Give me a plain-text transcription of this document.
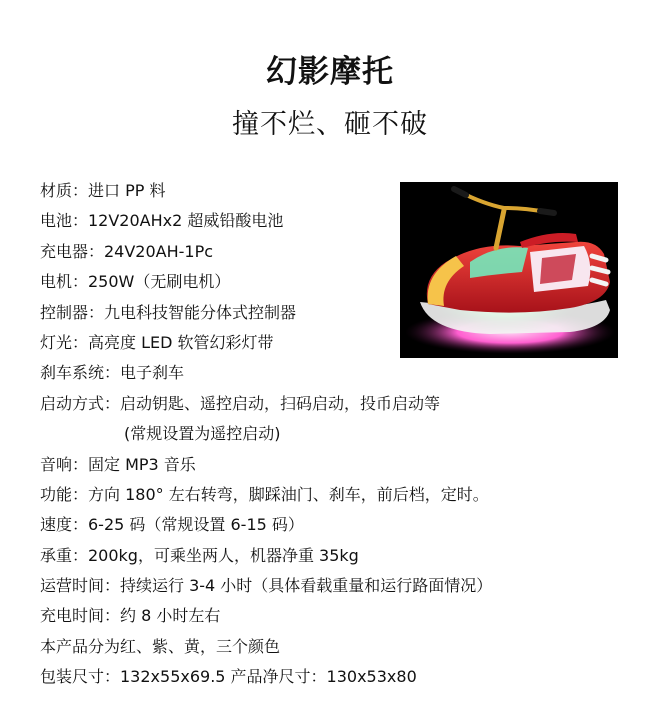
幻影摩托
撞不烂、砸不破
材质：进口 PP 料
电池：12V20AHx2 超威铅酸电池
充电器：24V20AH-1Pc
电机：250W（无刷电机）
控制器：九电科技智能分体式控制器
灯光：高亮度 LED 软管幻彩灯带
刹车系统：电子刹车
启动方式：启动钥匙、遥控启动，扫码启动，投币启动等
(常规设置为遥控启动)
音响：固定 MP3 音乐
功能：方向 180° 左右转弯，脚踩油门、刹车，前后档，定时。
速度：6-25 码（常规设置 6-15 码）
承重：200kg，可乘坐两人，机器净重 35kg
运营时间：持续运行 3-4 小时（具体看载重量和运行路面情况）
充电时间：约 8 小时左右
本产品分为红、紫、黄，三个颜色
包装尺寸：132x55x69.5 产品净尺寸：130x53x80
